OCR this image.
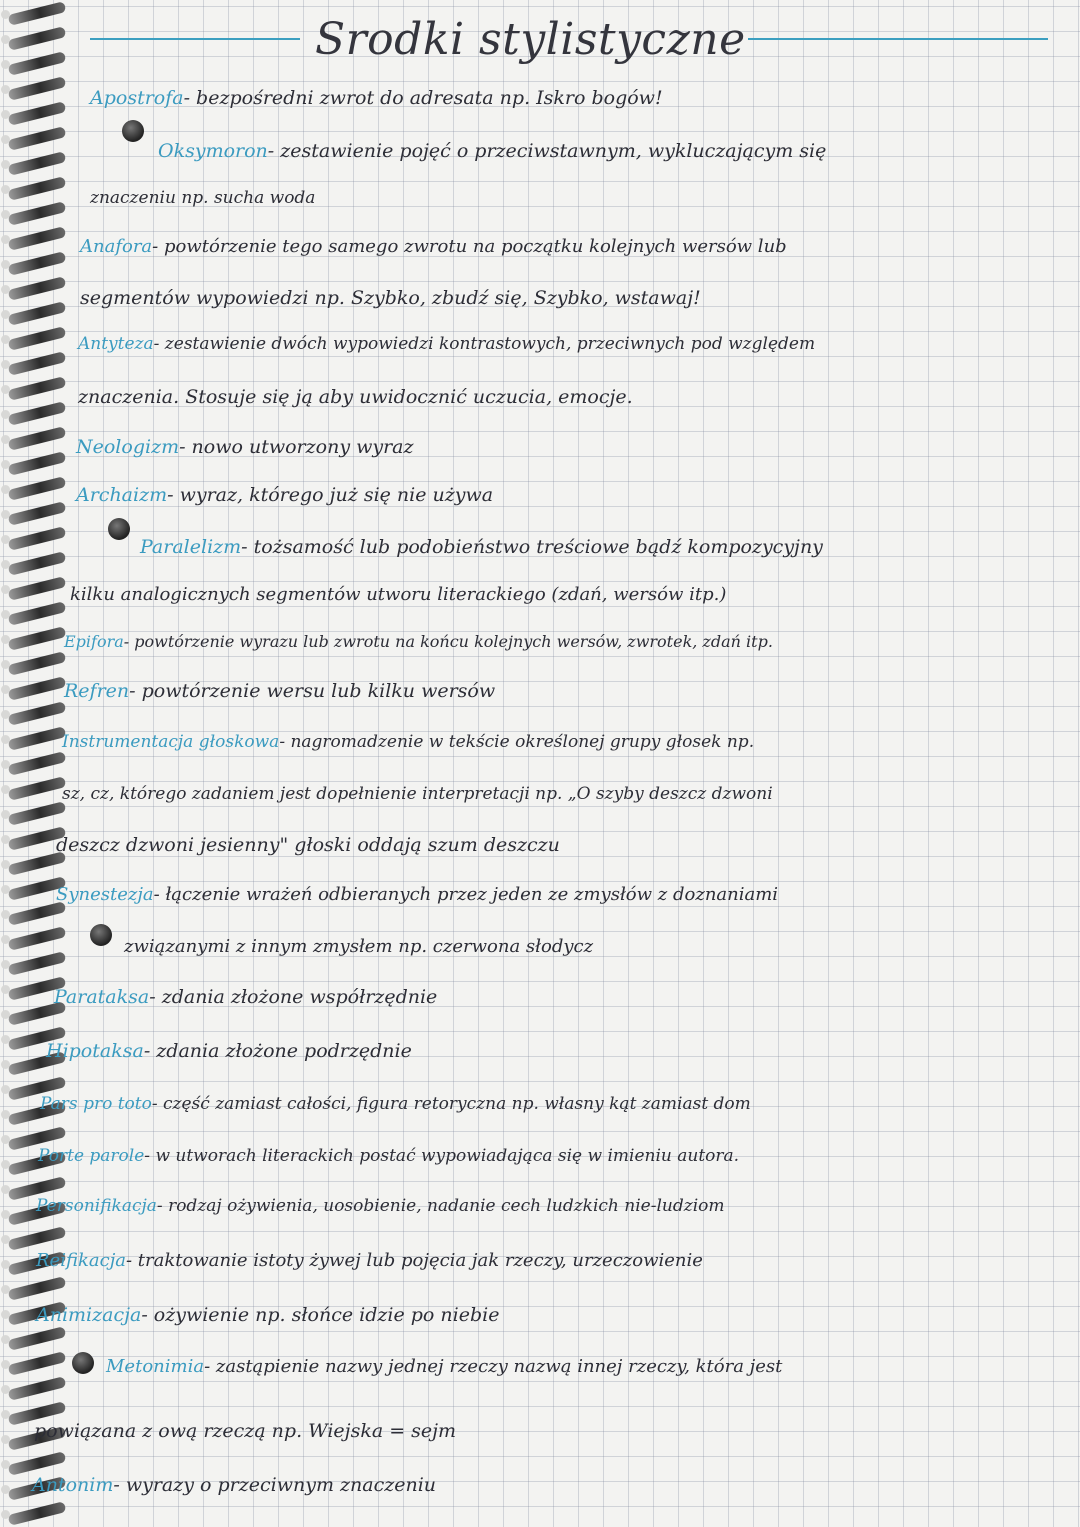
Srodki stylistyczne
Apostrofa- bezpośredni zwrot do adresata np. Iskro bogów!
Oksymoron- zestawienie pojęć o przeciwstawnym, wykluczającym się
znaczeniu np. sucha woda
Anafora- powtórzenie tego samego zwrotu na początku kolejnych wersów lub
segmentów wypowiedzi np. Szybko, zbudź się, Szybko, wstawaj!
Antyteza- zestawienie dwóch wypowiedzi kontrastowych, przeciwnych pod względem
znaczenia. Stosuje się ją aby uwidocznić uczucia, emocje.
Neologizm- nowo utworzony wyraz
Archaizm- wyraz, którego już się nie używa
Paralelizm- tożsamość lub podobieństwo treściowe bądź kompozycyjny
kilku analogicznych segmentów utworu literackiego (zdań, wersów itp.)
Epifora- powtórzenie wyrazu lub zwrotu na końcu kolejnych wersów, zwrotek, zdań itp.
Refren- powtórzenie wersu lub kilku wersów
Instrumentacja głoskowa- nagromadzenie w tekście określonej grupy głosek np.
sz, cz, którego zadaniem jest dopełnienie interpretacji np. „O szyby deszcz dzwoni
deszcz dzwoni jesienny" głoski oddają szum deszczu
Synestezja- łączenie wrażeń odbieranych przez jeden ze zmysłów z doznaniami
związanymi z innym zmysłem np. czerwona słodycz
Parataksa- zdania złożone współrzędnie
Hipotaksa- zdania złożone podrzędnie
Pars pro toto- część zamiast całości, figura retoryczna np. własny kąt zamiast dom
Porte parole- w utworach literackich postać wypowiadająca się w imieniu autora.
Personifikacja- rodzaj ożywienia, uosobienie, nadanie cech ludzkich nie-ludziom
Reifikacja- traktowanie istoty żywej lub pojęcia jak rzeczy, urzeczowienie
Animizacja- ożywienie np. słońce idzie po niebie
Metonimia- zastąpienie nazwy jednej rzeczy nazwą innej rzeczy, która jest
powiązana z ową rzeczą np. Wiejska = sejm
Antonim- wyrazy o przeciwnym znaczeniu
